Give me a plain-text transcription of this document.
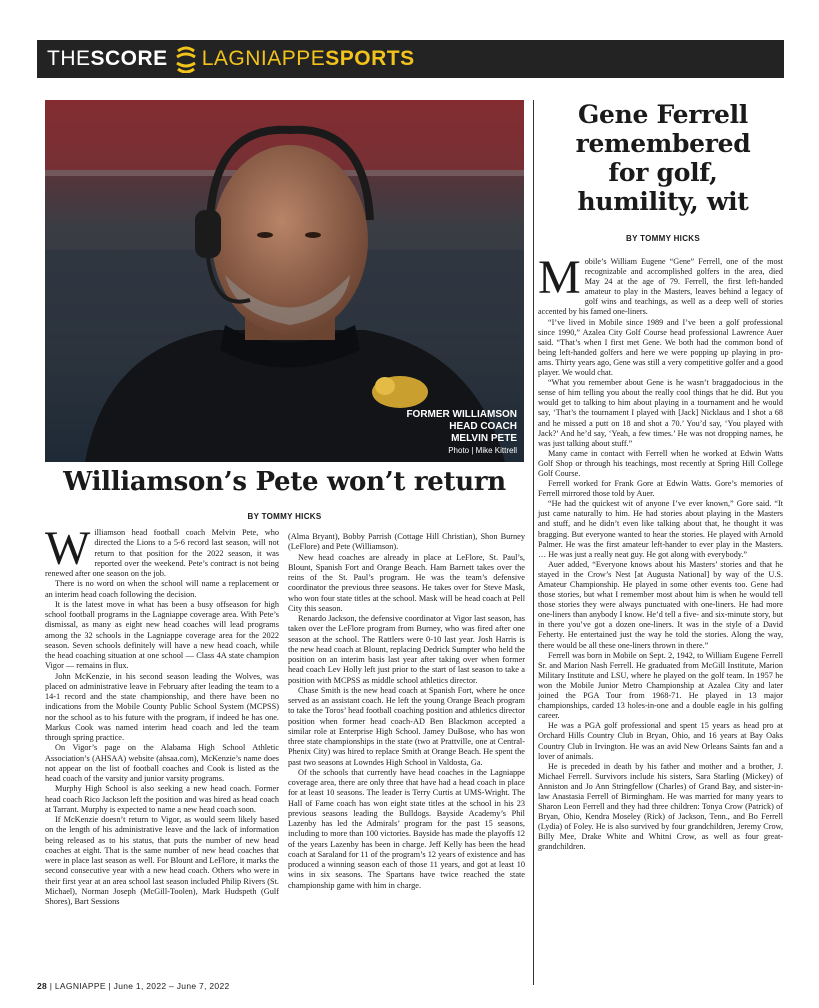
THE SCORE LAGNIAPPE SPORTS
FORMER WILLIAMSON
HEAD COACH
MELVIN PETE
Photo | Mike Kittrell
Williamson’s Pete won’t return
BY TOMMY HICKS

Williamson head football coach Melvin Pete, who directed the Lions to a 5-6 record last season, will not return to that position for the 2022 season, it was reported over the weekend. Pete’s contract is not being renewed after one season on the job.

There is no word on when the school will name a replacement or an interim head coach following the decision.

It is the latest move in what has been a busy offseason for high school football programs in the Lagniappe coverage area. With Pete’s dismissal, as many as eight new head coaches will lead programs among the 32 schools in the Lagniappe coverage area for the 2022 season. Seven schools definitely will have a new head coach, while the head coaching situation at one school — Class 4A state champion Vigor — remains in flux.

John McKenzie, in his second season leading the Wolves, was placed on administrative leave in February after leading the team to a 14-1 record and the state championship, and there have been no indications from the Mobile County Public School System (MCPSS) nor the school as to his future with the program, if indeed he has one. Markus Cook was named interim head coach and led the team through spring practice.

On Vigor’s page on the Alabama High School Athletic Association’s (AHSAA) website (ahsaa.com), McKenzie’s name does not appear on the list of football coaches and Cook is listed as the head coach of the varsity and junior varsity programs.

Murphy High School is also seeking a new head coach. Former head coach Rico Jackson left the position and was hired as head coach at Tarrant. Murphy is expected to name a new head coach soon.

If McKenzie doesn’t return to Vigor, as would seem likely based on the length of his administrative leave and the lack of information being released as to his status, that puts the number of new head coaches at eight. That is the same number of new head coaches that were in place last season as well. For Blount and LeFlore, it marks the second consecutive year with a new head coach. Others who were in their first year at an area school last season included Philip Rivers (St. Michael), Norman Joseph (McGill-Toolen), Mark Hudspeth (Gulf Shores), Bart Sessions

(Alma Bryant), Bobby Parrish (Cottage Hill Christian), Shon Burney (LeFlore) and Pete (Williamson).

New head coaches are already in place at LeFlore, St. Paul’s, Blount, Spanish Fort and Orange Beach. Ham Barnett takes over the reins of the St. Paul’s program. He was the team’s defensive coordinator the previous three seasons. He takes over for Steve Mask, who won four state titles at the school. Mask will be head coach at Pell City this season.

Renardo Jackson, the defensive coordinator at Vigor last season, has taken over the LeFlore program from Burney, who was fired after one season at the school. The Rattlers were 0-10 last year. Josh Harris is the new head coach at Blount, replacing Dedrick Sumpter who held the position on an interim basis last year after taking over when former head coach Lev Holly left just prior to the start of last season to take a position with MCPSS as middle school athletics director.

Chase Smith is the new head coach at Spanish Fort, where he once served as an assistant coach. He left the young Orange Beach program to take the Toros’ head football coaching position and athletics director position when former head coach-AD Ben Blackmon accepted a similar role at Enterprise High School. Jamey DuBose, who has won three state championships in the state (two at Prattville, one at Central-Phenix City) was hired to replace Smith at Orange Beach. He spent the past two seasons at Lowndes High School in Valdosta, Ga.

Of the schools that currently have head coaches in the Lagniappe coverage area, there are only three that have had a head coach in place for at least 10 seasons. The leader is Terry Curtis at UMS-Wright. The Hall of Fame coach has won eight state titles at the school in his 23 previous seasons leading the Bulldogs. Bayside Academy’s Phil Lazenby has led the Admirals’ program for the past 15 seasons, including to more than 100 victories. Bayside has made the playoffs 12 of the years Lazenby has been in charge. Jeff Kelly has been the head coach at Saraland for 11 of the program’s 12 years of existence and has produced a winning season each of those 11 years, and got at least 10 wins in six seasons. The Spartans have twice reached the state championship game with him in charge.

Gene Ferrell
remembered
for golf,
humility, wit
BY TOMMY HICKS

Mobile’s William Eugene “Gene” Ferrell, one of the most recognizable and accomplished golfers in the area, died May 24 at the age of 79. Ferrell, the first left-handed amateur to play in the Masters, leaves behind a legacy of golf wins and teachings, as well as a deep well of stories accented by his famed one-liners.

“I’ve lived in Mobile since 1989 and I’ve been a golf professional since 1990,” Azalea City Golf Course head professional Lawrence Auer said. “That’s when I first met Gene. We both had the common bond of being left-handed golfers and here we were popping up playing in pro-ams. Thirty years ago, Gene was still a very competitive golfer and a good player. We would chat.

“What you remember about Gene is he wasn’t braggadocious in the sense of him telling you about the really cool things that he did. But you would get to talking to him about playing in a tournament and he would say, ‘That’s the tournament I played with [Jack] Nicklaus and I shot a 68 and he missed a putt on 18 and shot a 70.’ You’d say, ‘You played with Jack?’ And he’d say, ‘Yeah, a few times.’ He was not dropping names, he was just talking about stuff.”

Many came in contact with Ferrell when he worked at Edwin Watts Golf Shop or through his teachings, most recently at Spring Hill College Golf Course.

Ferrell worked for Frank Gore at Edwin Watts. Gore’s memories of Ferrell mirrored those told by Auer.

“He had the quickest wit of anyone I’ve ever known,” Gore said. “It just came naturally to him. He had stories about playing in the Masters and stuff, and he didn’t even like talking about that, he thought it was bragging. But everyone wanted to hear the stories. He played with Arnold Palmer. He was the first amateur left-hander to ever play in the Masters. … He was just a really neat guy. He got along with everybody.”

Auer added, “Everyone knows about his Masters’ stories and that he stayed in the Crow’s Nest [at Augusta National] by way of the U.S. Amateur Championship. He played in some other events too. Gene had those stories, but what I remember most about him is when he would tell those stories they were always punctuated with one-liners. He had more one-liners than anybody I know. He’d tell a five- and six-minute story, but in there you’ve got a dozen one-liners. It was in the style of a David Feherty. He entertained just the way he told the stories. Along the way, there would be all these one-liners thrown in there.”

Ferrell was born in Mobile on Sept. 2, 1942, to William Eugene Ferrell Sr. and Marion Nash Ferrell. He graduated from McGill Institute, Marion Military Institute and LSU, where he played on the golf team. In 1957 he won the Mobile Junior Metro Championship at Azalea City and later joined the PGA Tour from 1968-71. He played in 13 major championships, carded 13 holes-in-one and a double eagle in his golfing career.

He was a PGA golf professional and spent 15 years as head pro at Orchard Hills Country Club in Bryan, Ohio, and 16 years at Bay Oaks Country Club in Irvington. He was an avid New Orleans Saints fan and a lover of animals.

He is preceded in death by his father and mother and a brother, J. Michael Ferrell. Survivors include his sisters, Sara Starling (Mickey) of Anniston and Jo Ann Stringfellow (Charles) of Grand Bay, and sister-in-law Anastasia Ferrell of Birmingham. He was married for many years to Sharon Leon Ferrell and they had three children: Tonya Crow (Patrick) of Bryan, Ohio, Kendra Moseley (Rick) of Jackson, Tenn., and Bo Ferrell (Lydia) of Foley. He is also survived by four grandchildren, Jeremy Crow, Billy Mee, Drake White and Whitni Crow, as well as four great-grandchildren.

28 | LAGNIAPPE | June 1, 2022 – June 7, 2022
